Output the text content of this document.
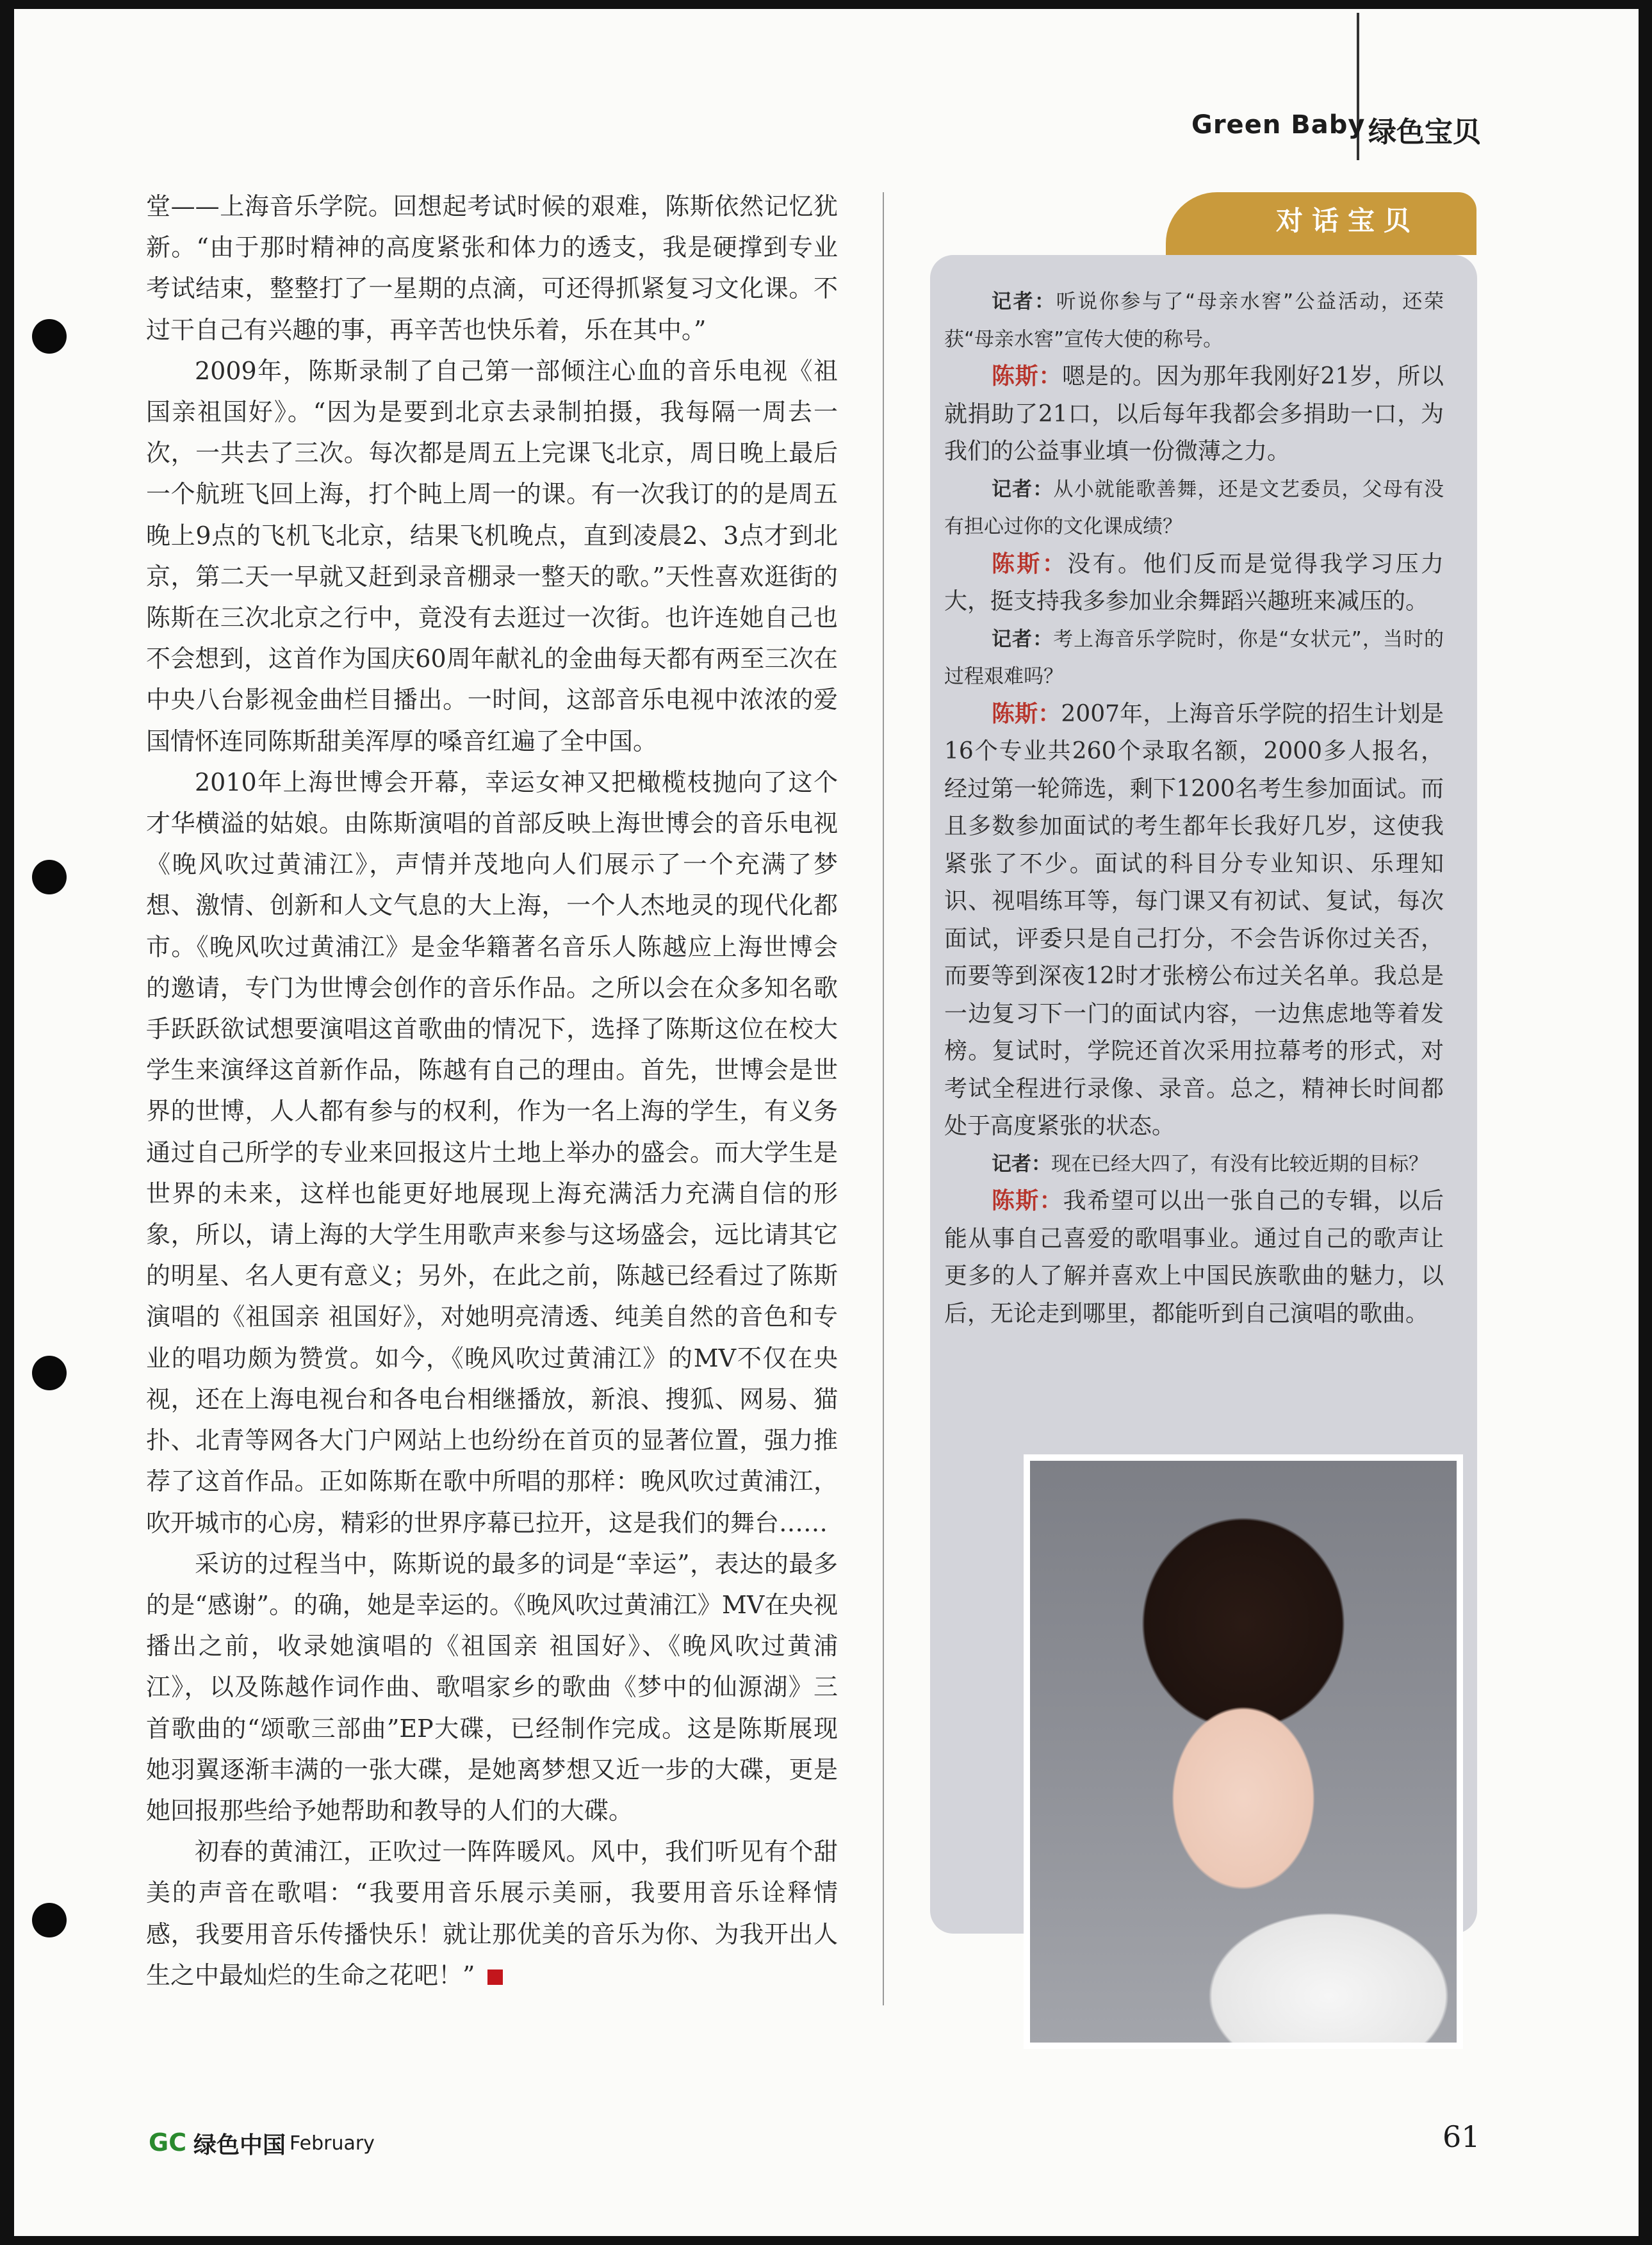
Green Baby 绿色宝贝

堂——上海音乐学院。回想起考试时候的艰难，陈斯依然记忆犹新。“由于那时精神的高度紧张和体力的透支，我是硬撑到专业考试结束，整整打了一星期的点滴，可还得抓紧复习文化课。不过干自己有兴趣的事，再辛苦也快乐着，乐在其中。”

2009年，陈斯录制了自己第一部倾注心血的音乐电视《祖国亲祖国好》。“因为是要到北京去录制拍摄，我每隔一周去一次，一共去了三次。每次都是周五上完课飞北京，周日晚上最后一个航班飞回上海，打个盹上周一的课。有一次我订的的是周五晚上9点的飞机飞北京，结果飞机晚点，直到凌晨2、3点才到北京，第二天一早就又赶到录音棚录一整天的歌。”天性喜欢逛街的陈斯在三次北京之行中，竟没有去逛过一次街。也许连她自己也不会想到，这首作为国庆60周年献礼的金曲每天都有两至三次在中央八台影视金曲栏目播出。一时间，这部音乐电视中浓浓的爱国情怀连同陈斯甜美浑厚的嗓音红遍了全中国。

2010年上海世博会开幕，幸运女神又把橄榄枝抛向了这个才华横溢的姑娘。由陈斯演唱的首部反映上海世博会的音乐电视《晚风吹过黄浦江》，声情并茂地向人们展示了一个充满了梦想、激情、创新和人文气息的大上海，一个人杰地灵的现代化都市。《晚风吹过黄浦江》是金华籍著名音乐人陈越应上海世博会的邀请，专门为世博会创作的音乐作品。之所以会在众多知名歌手跃跃欲试想要演唱这首歌曲的情况下，选择了陈斯这位在校大学生来演绎这首新作品，陈越有自己的理由。首先，世博会是世界的世博，人人都有参与的权利，作为一名上海的学生，有义务通过自己所学的专业来回报这片土地上举办的盛会。而大学生是世界的未来，这样也能更好地展现上海充满活力充满自信的形象，所以，请上海的大学生用歌声来参与这场盛会，远比请其它的明星、名人更有意义；另外，在此之前，陈越已经看过了陈斯演唱的《祖国亲 祖国好》，对她明亮清透、纯美自然的音色和专业的唱功颇为赞赏。如今，《晚风吹过黄浦江》的MV不仅在央视，还在上海电视台和各电台相继播放，新浪、搜狐、网易、猫扑、北青等网各大门户网站上也纷纷在首页的显著位置，强力推荐了这首作品。正如陈斯在歌中所唱的那样：晚风吹过黄浦江，吹开城市的心房，精彩的世界序幕已拉开，这是我们的舞台……

采访的过程当中，陈斯说的最多的词是“幸运”，表达的最多的是“感谢”。的确，她是幸运的。《晚风吹过黄浦江》MV在央视播出之前，收录她演唱的《祖国亲 祖国好》、《晚风吹过黄浦江》，以及陈越作词作曲、歌唱家乡的歌曲《梦中的仙源湖》三首歌曲的“颂歌三部曲”EP大碟，已经制作完成。这是陈斯展现她羽翼逐渐丰满的一张大碟，是她离梦想又近一步的大碟，更是她回报那些给予她帮助和教导的人们的大碟。

初春的黄浦江，正吹过一阵阵暖风。风中，我们听见有个甜美的声音在歌唱：“我要用音乐展示美丽，我要用音乐诠释情感，我要用音乐传播快乐！就让那优美的音乐为你、为我开出人生之中最灿烂的生命之花吧！”

对话宝贝

记者：听说你参与了“母亲水窖”公益活动，还荣获“母亲水窖”宣传大使的称号。

陈斯：嗯是的。因为那年我刚好21岁，所以就捐助了21口，以后每年我都会多捐助一口，为我们的公益事业填一份微薄之力。

记者：从小就能歌善舞，还是文艺委员，父母有没有担心过你的文化课成绩？

陈斯：没有。他们反而是觉得我学习压力大，挺支持我多参加业余舞蹈兴趣班来减压的。

记者：考上海音乐学院时，你是“女状元”，当时的过程艰难吗？

陈斯：2007年，上海音乐学院的招生计划是16个专业共260个录取名额，2000多人报名，经过第一轮筛选，剩下1200名考生参加面试。而且多数参加面试的考生都年长我好几岁，这使我紧张了不少。面试的科目分专业知识、乐理知识、视唱练耳等，每门课又有初试、复试，每次面试，评委只是自己打分，不会告诉你过关否，而要等到深夜12时才张榜公布过关名单。我总是一边复习下一门的面试内容，一边焦虑地等着发榜。复试时，学院还首次采用拉幕考的形式，对考试全程进行录像、录音。总之，精神长时间都处于高度紧张的状态。

记者：现在已经大四了，有没有比较近期的目标？

陈斯：我希望可以出一张自己的专辑，以后能从事自己喜爱的歌唱事业。通过自己的歌声让更多的人了解并喜欢上中国民族歌曲的魅力，以后，无论走到哪里，都能听到自己演唱的歌曲。

GC 绿色中国 February	61
